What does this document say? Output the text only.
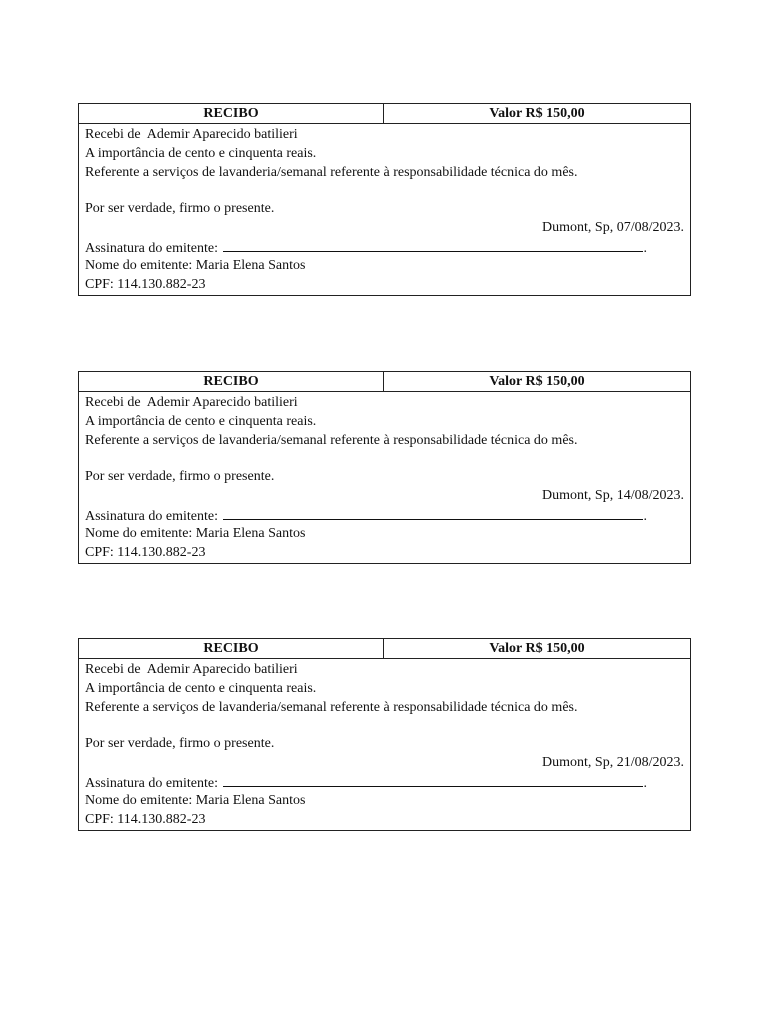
RECIBO	Valor R$ 150,00
Recebi de  Ademir Aparecido batilieri
A importância de cento e cinquenta reais.
Referente a serviços de lavanderia/semanal referente à responsabilidade técnica do mês.
Por ser verdade, firmo o presente.
Dumont, Sp, 07/08/2023.
Assinatura do emitente:	.
Nome do emitente: Maria Elena Santos
CPF: 114.130.882-23
RECIBO	Valor R$ 150,00
Recebi de  Ademir Aparecido batilieri
A importância de cento e cinquenta reais.
Referente a serviços de lavanderia/semanal referente à responsabilidade técnica do mês.
Por ser verdade, firmo o presente.
Dumont, Sp, 14/08/2023.
Assinatura do emitente:	.
Nome do emitente: Maria Elena Santos
CPF: 114.130.882-23
RECIBO	Valor R$ 150,00
Recebi de  Ademir Aparecido batilieri
A importância de cento e cinquenta reais.
Referente a serviços de lavanderia/semanal referente à responsabilidade técnica do mês.
Por ser verdade, firmo o presente.
Dumont, Sp, 21/08/2023.
Assinatura do emitente:	.
Nome do emitente: Maria Elena Santos
CPF: 114.130.882-23
